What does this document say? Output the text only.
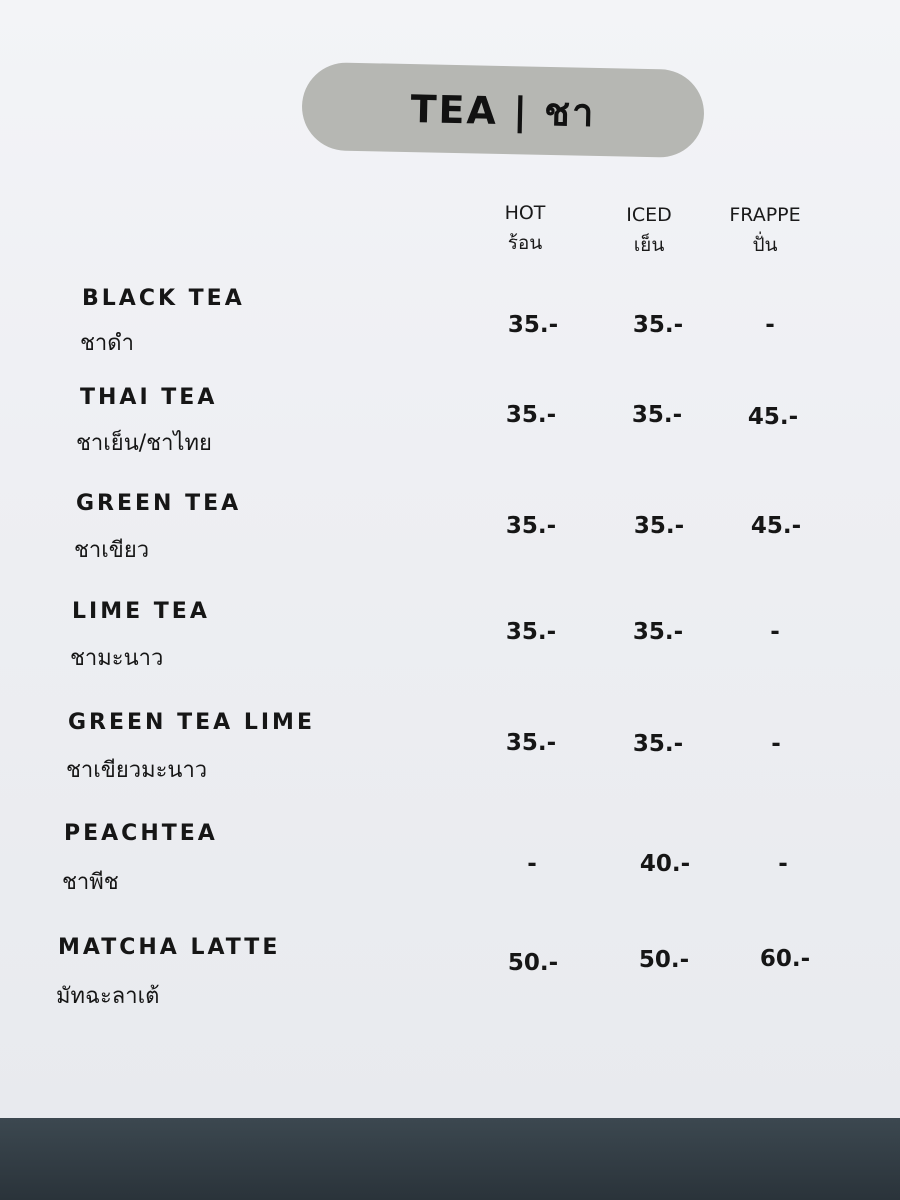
TEA | ชา
HOT
ร้อน
ICED
เย็น
FRAPPE
ปั่น
BLACK TEA
ชาดำ
35.-	35.-	-
THAI TEA
ชาเย็น/ชาไทย
35.-	35.-	45.-
GREEN TEA
ชาเขียว
35.-	35.-	45.-
LIME TEA
ชามะนาว
35.-	35.-	-
GREEN TEA LIME
ชาเขียวมะนาว
35.-	35.-	-
PEACHTEA
ชาพีช
-	40.-	-
MATCHA LATTE
มัทฉะลาเต้
50.-	50.-	60.-
